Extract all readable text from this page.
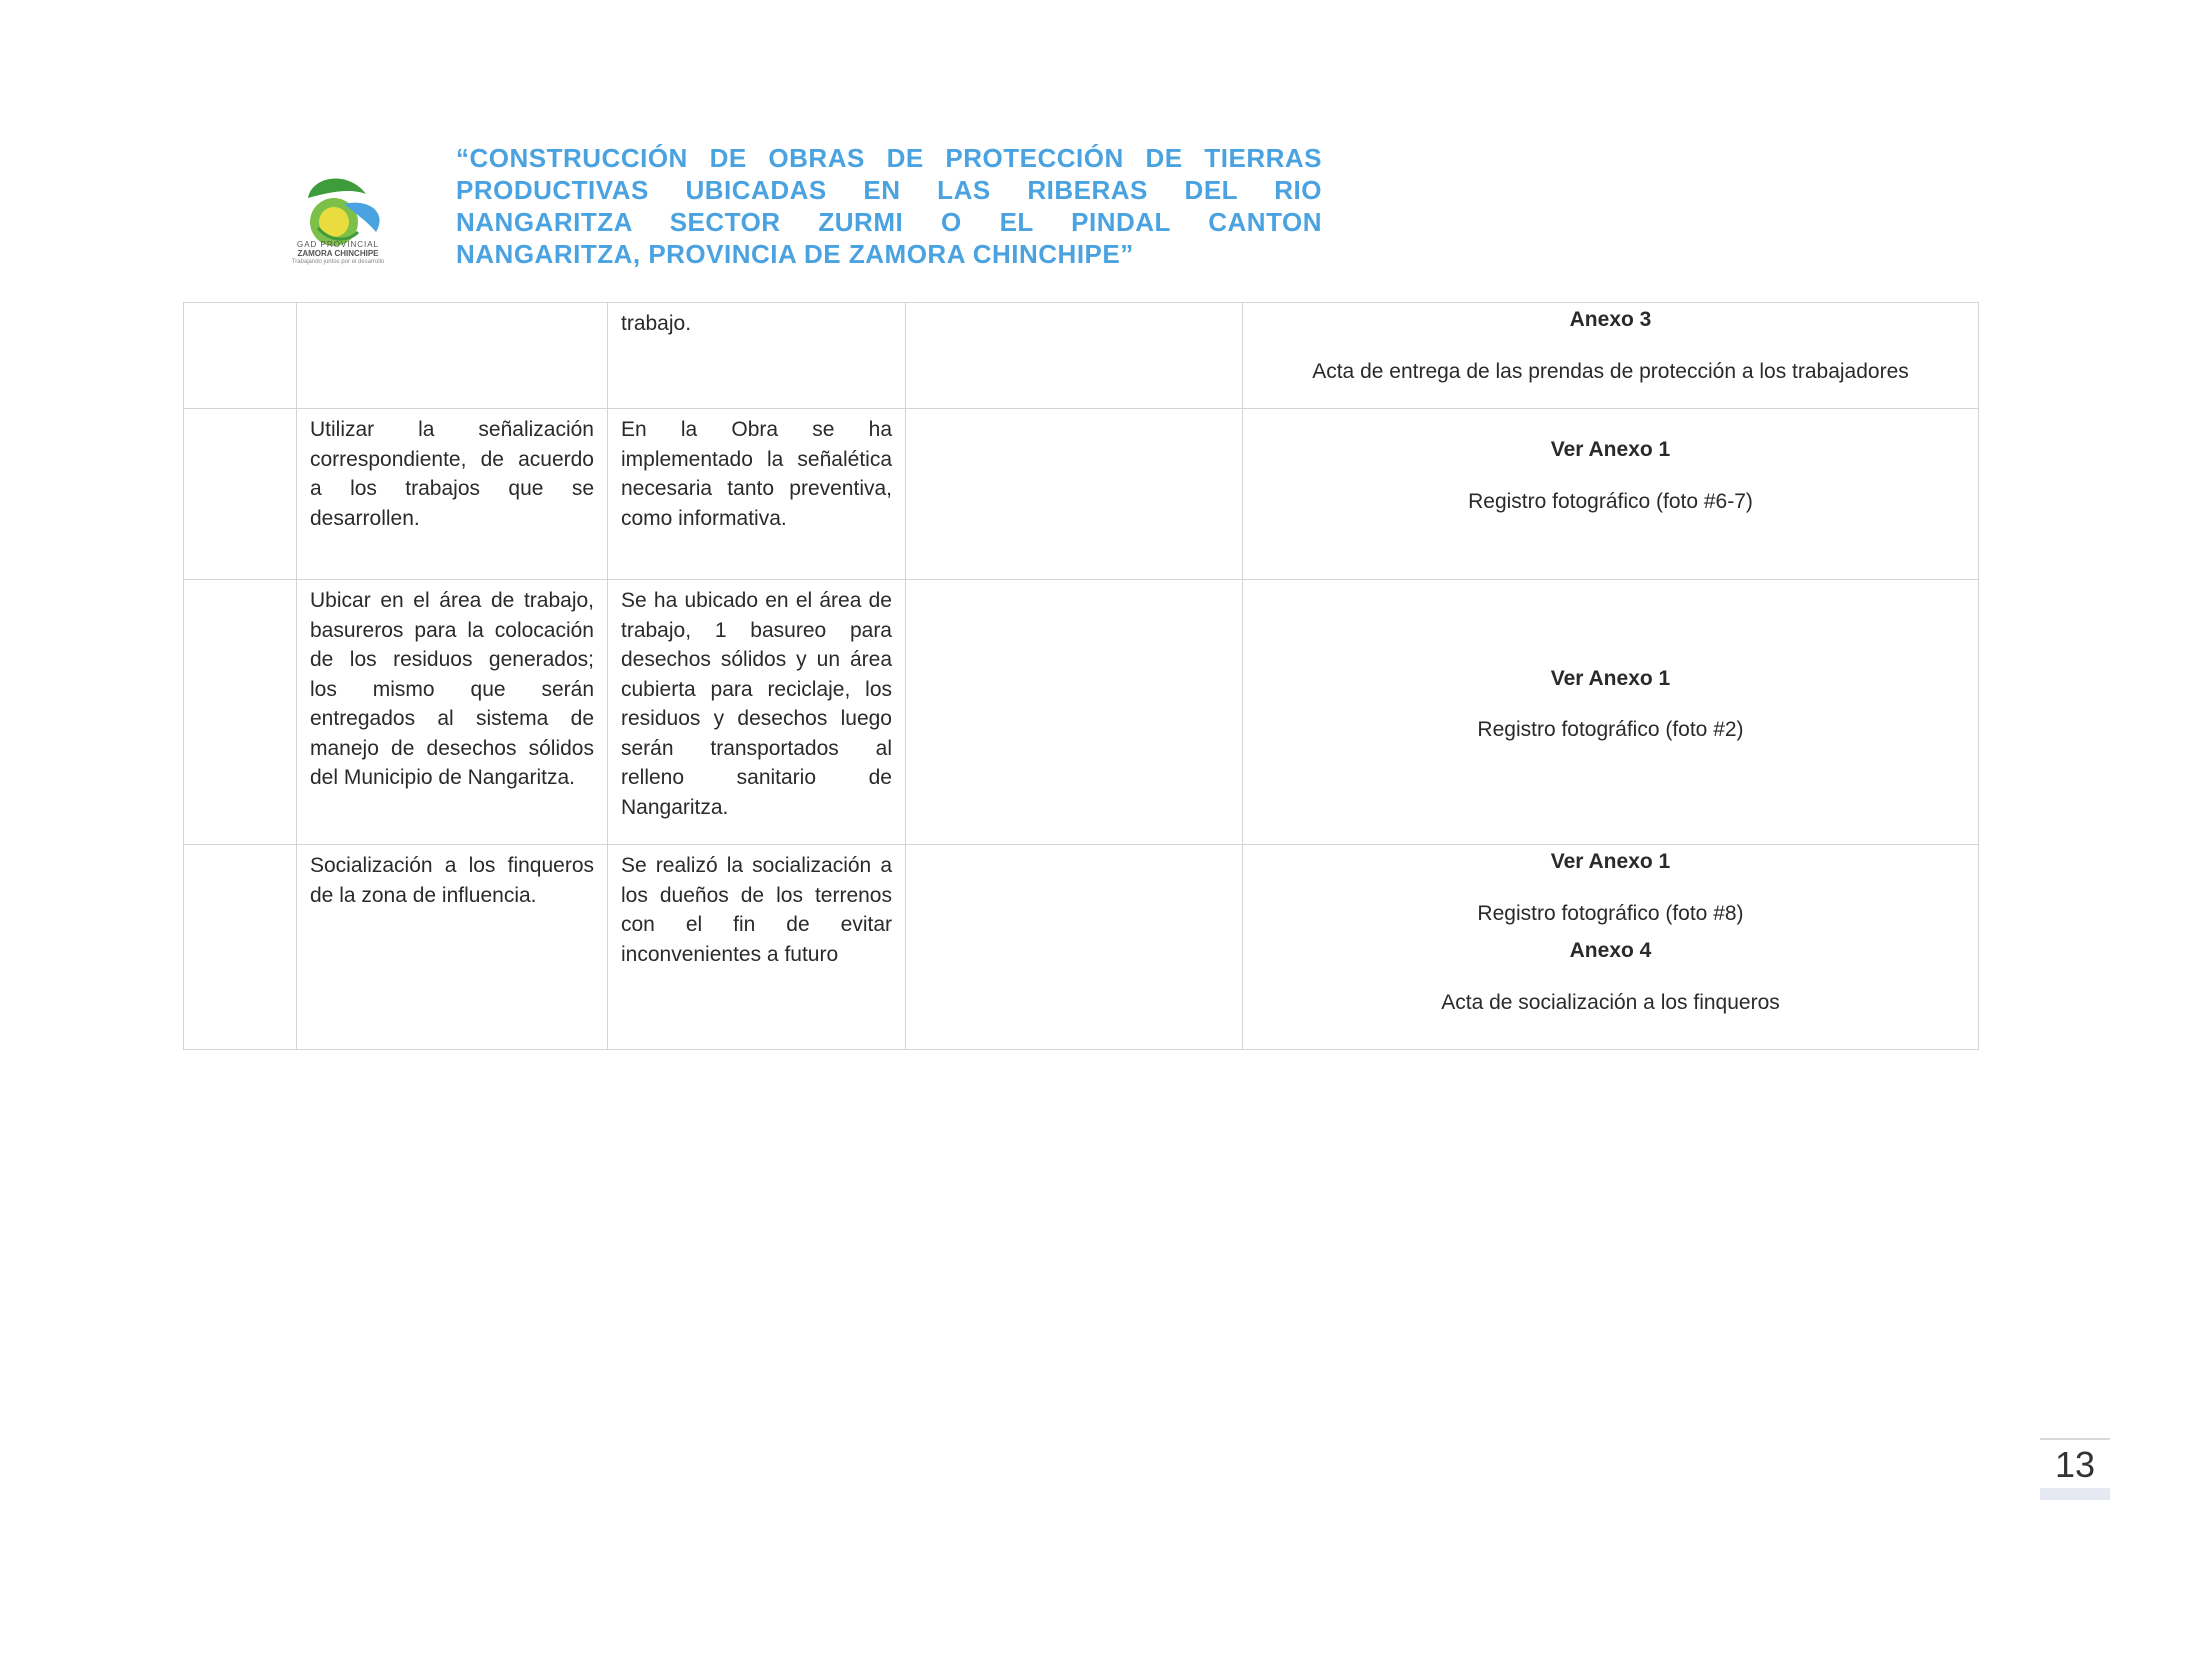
GAD PROVINCIAL
ZAMORA CHINCHIPE
Trabajando juntos por el desarrollo
“CONSTRUCCIÓN DE OBRAS DE PROTECCIÓN DE TIERRAS PRODUCTIVAS UBICADAS EN LAS RIBERAS DEL RIO NANGARITZA SECTOR ZURMI O EL PINDAL CANTON NANGARITZA, PROVINCIA DE ZAMORA CHINCHIPE”
		trabajo.		Anexo 3
Acta de entrega de las prendas de protección a los trabajadores

	Utilizar la señalización correspondiente, de acuerdo a los trabajos que se desarrollen.	En la Obra se ha implementado la señalética necesaria tanto preventiva, como informativa.		Ver Anexo 1
Registro fotográfico (foto #6-7)

	Ubicar en el área de trabajo, basureros para la colocación de los residuos generados; los mismo que serán entregados al sistema de manejo de desechos sólidos del Municipio de Nangaritza.	Se ha ubicado en el área de trabajo, 1 basureo para desechos sólidos y un área cubierta para reciclaje, los residuos y desechos luego serán transportados al relleno sanitario de Nangaritza.		Ver Anexo 1
Registro fotográfico (foto #2)

	Socialización a los finqueros de la zona de influencia.	Se realizó la socialización a los dueños de los terrenos con el fin de evitar inconvenientes a futuro		Ver Anexo 1
Registro fotográfico (foto #8)
Anexo 4
Acta de socialización a los finqueros
13
